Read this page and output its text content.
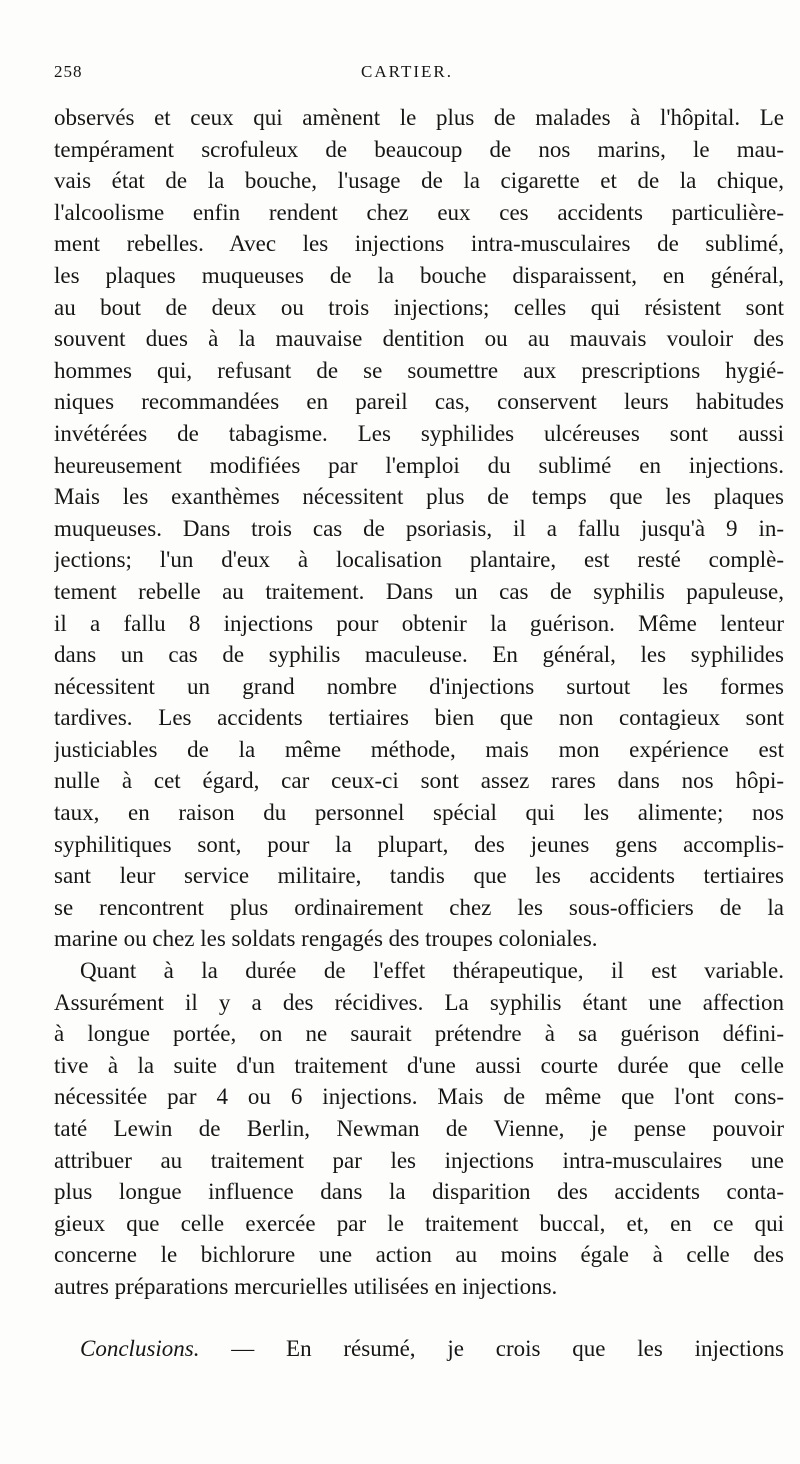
258	CARTIER.
observés et ceux qui amènent le plus de malades à l'hôpital. Le
tempérament scrofuleux de beaucoup de nos marins, le mau-
vais état de la bouche, l'usage de la cigarette et de la chique,
l'alcoolisme enfin rendent chez eux ces accidents particulière-
ment rebelles. Avec les injections intra-musculaires de sublimé,
les plaques muqueuses de la bouche disparaissent, en général,
au bout de deux ou trois injections; celles qui résistent sont
souvent dues à la mauvaise dentition ou au mauvais vouloir des
hommes qui, refusant de se soumettre aux prescriptions hygié-
niques recommandées en pareil cas, conservent leurs habitudes
invétérées de tabagisme. Les syphilides ulcéreuses sont aussi
heureusement modifiées par l'emploi du sublimé en injections.
Mais les exanthèmes nécessitent plus de temps que les plaques
muqueuses. Dans trois cas de psoriasis, il a fallu jusqu'à 9 in-
jections; l'un d'eux à localisation plantaire, est resté complè-
tement rebelle au traitement. Dans un cas de syphilis papuleuse,
il a fallu 8 injections pour obtenir la guérison. Même lenteur
dans un cas de syphilis maculeuse. En général, les syphilides
nécessitent un grand nombre d'injections surtout les formes
tardives. Les accidents tertiaires bien que non contagieux sont
justiciables de la même méthode, mais mon expérience est
nulle à cet égard, car ceux-ci sont assez rares dans nos hôpi-
taux, en raison du personnel spécial qui les alimente; nos
syphilitiques sont, pour la plupart, des jeunes gens accomplis-
sant leur service militaire, tandis que les accidents tertiaires
se rencontrent plus ordinairement chez les sous-officiers de la
marine ou chez les soldats rengagés des troupes coloniales.
Quant à la durée de l'effet thérapeutique, il est variable.
Assurément il y a des récidives. La syphilis étant une affection
à longue portée, on ne saurait prétendre à sa guérison défini-
tive à la suite d'un traitement d'une aussi courte durée que celle
nécessitée par 4 ou 6 injections. Mais de même que l'ont cons-
taté Lewin de Berlin, Newman de Vienne, je pense pouvoir
attribuer au traitement par les injections intra-musculaires une
plus longue influence dans la disparition des accidents conta-
gieux que celle exercée par le traitement buccal, et, en ce qui
concerne le bichlorure une action au moins égale à celle des
autres préparations mercurielles utilisées en injections.
Conclusions. — En résumé, je crois que les injections
